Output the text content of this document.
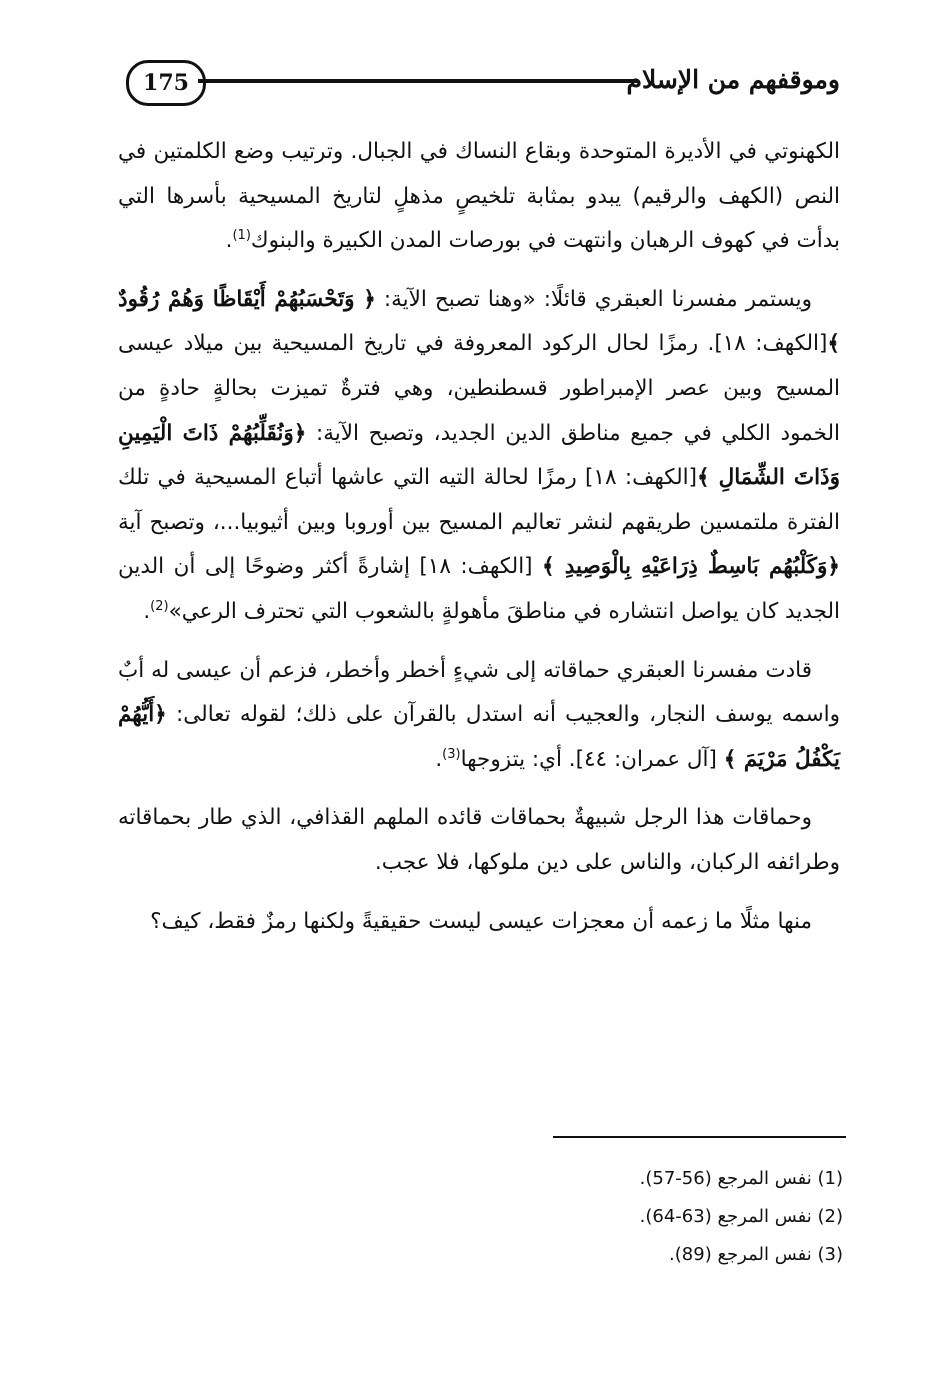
175	وموقفهم من الإسلام

الكهنوتي في الأديرة المتوحدة وبقاع النساك في الجبال. وترتيب وضع الكلمتين في النص (الكهف والرقيم) يبدو بمثابة تلخيصٍ مذهلٍ لتاريخ المسيحية بأسرها التي بدأت في كهوف الرهبان وانتهت في بورصات المدن الكبيرة والبنوك$^{(1)}$.

ويستمر مفسرنا العبقري قائلًا: «وهنا تصبح الآية: ﴿ وَتَحْسَبُهُمْ أَيْقَاظًا وَهُمْ رُقُودٌ ﴾[الكهف: ١٨]. رمزًا لحال الركود المعروفة في تاريخ المسيحية بين ميلاد عيسى المسيح وبين عصر الإمبراطور قسطنطين، وهي فترةٌ تميزت بحالةٍ حادةٍ من الخمود الكلي في جميع مناطق الدين الجديد، وتصبح الآية: ﴿وَنُقَلِّبُهُمْ ذَاتَ الْيَمِينِ وَذَاتَ الشِّمَالِ ﴾[الكهف: ١٨] رمزًا لحالة التيه التي عاشها أتباع المسيحية في تلك الفترة ملتمسين طريقهم لنشر تعاليم المسيح بين أوروبا وبين أثيوبيا...، وتصبح آية ﴿وَكَلْبُهُم بَاسِطٌ ذِرَاعَيْهِ بِالْوَصِيدِ ﴾ [الكهف: ١٨] إشارةً أكثر وضوحًا إلى أن الدين الجديد كان يواصل انتشاره في مناطقَ مأهولةٍ بالشعوب التي تحترف الرعي»$^{(2)}$.

قادت مفسرنا العبقري حماقاته إلى شيءٍ أخطر وأخطر، فزعم أن عيسى له أبٌ واسمه يوسف النجار، والعجيب أنه استدل بالقرآن على ذلك؛ لقوله تعالى: ﴿أَيُّهُمْ يَكْفُلُ مَرْيَمَ ﴾ [آل عمران: ٤٤]. أي: يتزوجها$^{(3)}$.

وحماقات هذا الرجل شبيهةٌ بحماقات قائده الملهم القذافي، الذي طار بحماقاته وطرائفه الركبان، والناس على دين ملوكها، فلا عجب.

منها مثلًا ما زعمه أن معجزات عيسى ليست حقيقيةً ولكنها رمزٌ فقط، كيف؟

(1) نفس المرجع (56-57).

(2) نفس المرجع (63-64).

(3) نفس المرجع (89).
